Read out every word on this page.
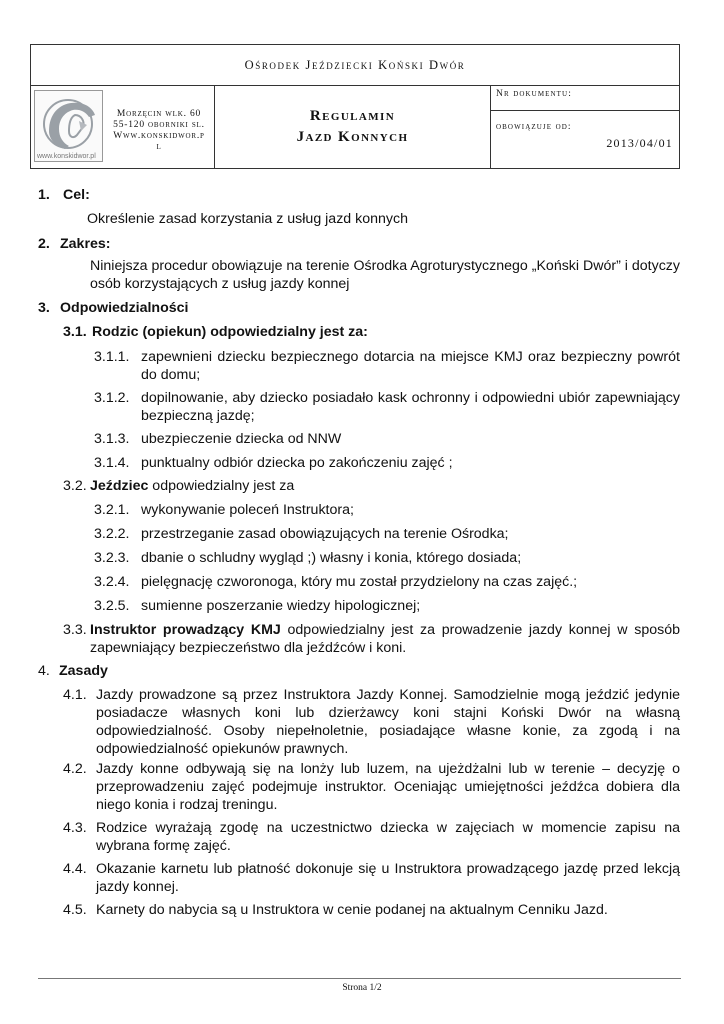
Ośrodek Jeździecki Koński Dwór
www.konskidwor.pl
Morzęcin wlk. 60
55-120 oborniki sl.
Www.konskidwor.p
l
Regulamin
Jazd Konnych
Nr dokumentu:
obowiązuje od:
2013/04/01
1. Cel:
Określenie zasad korzystania z usług jazd konnych
2. Zakres:
Niniejsza procedur obowiązuje na terenie Ośrodka Agroturystycznego „Koński Dwór” i dotyczy osób korzystających z usług jazdy konnej
3. Odpowiedzialności
3.1. Rodzic (opiekun) odpowiedzialny jest za:
3.1.1. zapewnieni dziecku bezpiecznego dotarcia na miejsce KMJ oraz bezpieczny powrót do domu;
3.1.2. dopilnowanie, aby dziecko posiadało kask ochronny i odpowiedni ubiór zapewniający bezpieczną jazdę;
3.1.3. ubezpieczenie dziecka od NNW
3.1.4. punktualny odbiór dziecka po zakończeniu zajęć ;
3.2. Jeździec odpowiedzialny jest za
3.2.1. wykonywanie poleceń Instruktora;
3.2.2. przestrzeganie zasad obowiązujących na terenie Ośrodka;
3.2.3. dbanie o schludny wygląd ;) własny i konia, którego dosiada;
3.2.4. pielęgnację czworonoga, który mu został przydzielony na czas zajęć.;
3.2.5. sumienne poszerzanie wiedzy hipologicznej;
3.3. Instruktor prowadzący KMJ odpowiedzialny jest za prowadzenie jazdy konnej w sposób zapewniający bezpieczeństwo dla jeźdźców i koni.
4. Zasady
4.1. Jazdy prowadzone są przez Instruktora Jazdy Konnej. Samodzielnie mogą jeździć jedynie posiadacze własnych koni lub dzierżawcy koni stajni Koński Dwór na własną odpowiedzialność. Osoby niepełnoletnie, posiadające własne konie, za zgodą i na odpowiedzialność opiekunów prawnych.
4.2. Jazdy konne odbywają się na lonży lub luzem, na ujeżdżalni lub w terenie – decyzję o przeprowadzeniu zajęć podejmuje instruktor. Oceniając umiejętności jeźdźca dobiera dla niego konia i rodzaj treningu.
4.3. Rodzice wyrażają zgodę na uczestnictwo dziecka w zajęciach w momencie zapisu na wybrana formę zajęć.
4.4. Okazanie karnetu lub płatność dokonuje się u Instruktora prowadzącego jazdę przed lekcją jazdy konnej.
4.5. Karnety do nabycia są u Instruktora w cenie podanej na aktualnym Cenniku Jazd.
Strona 1/2
